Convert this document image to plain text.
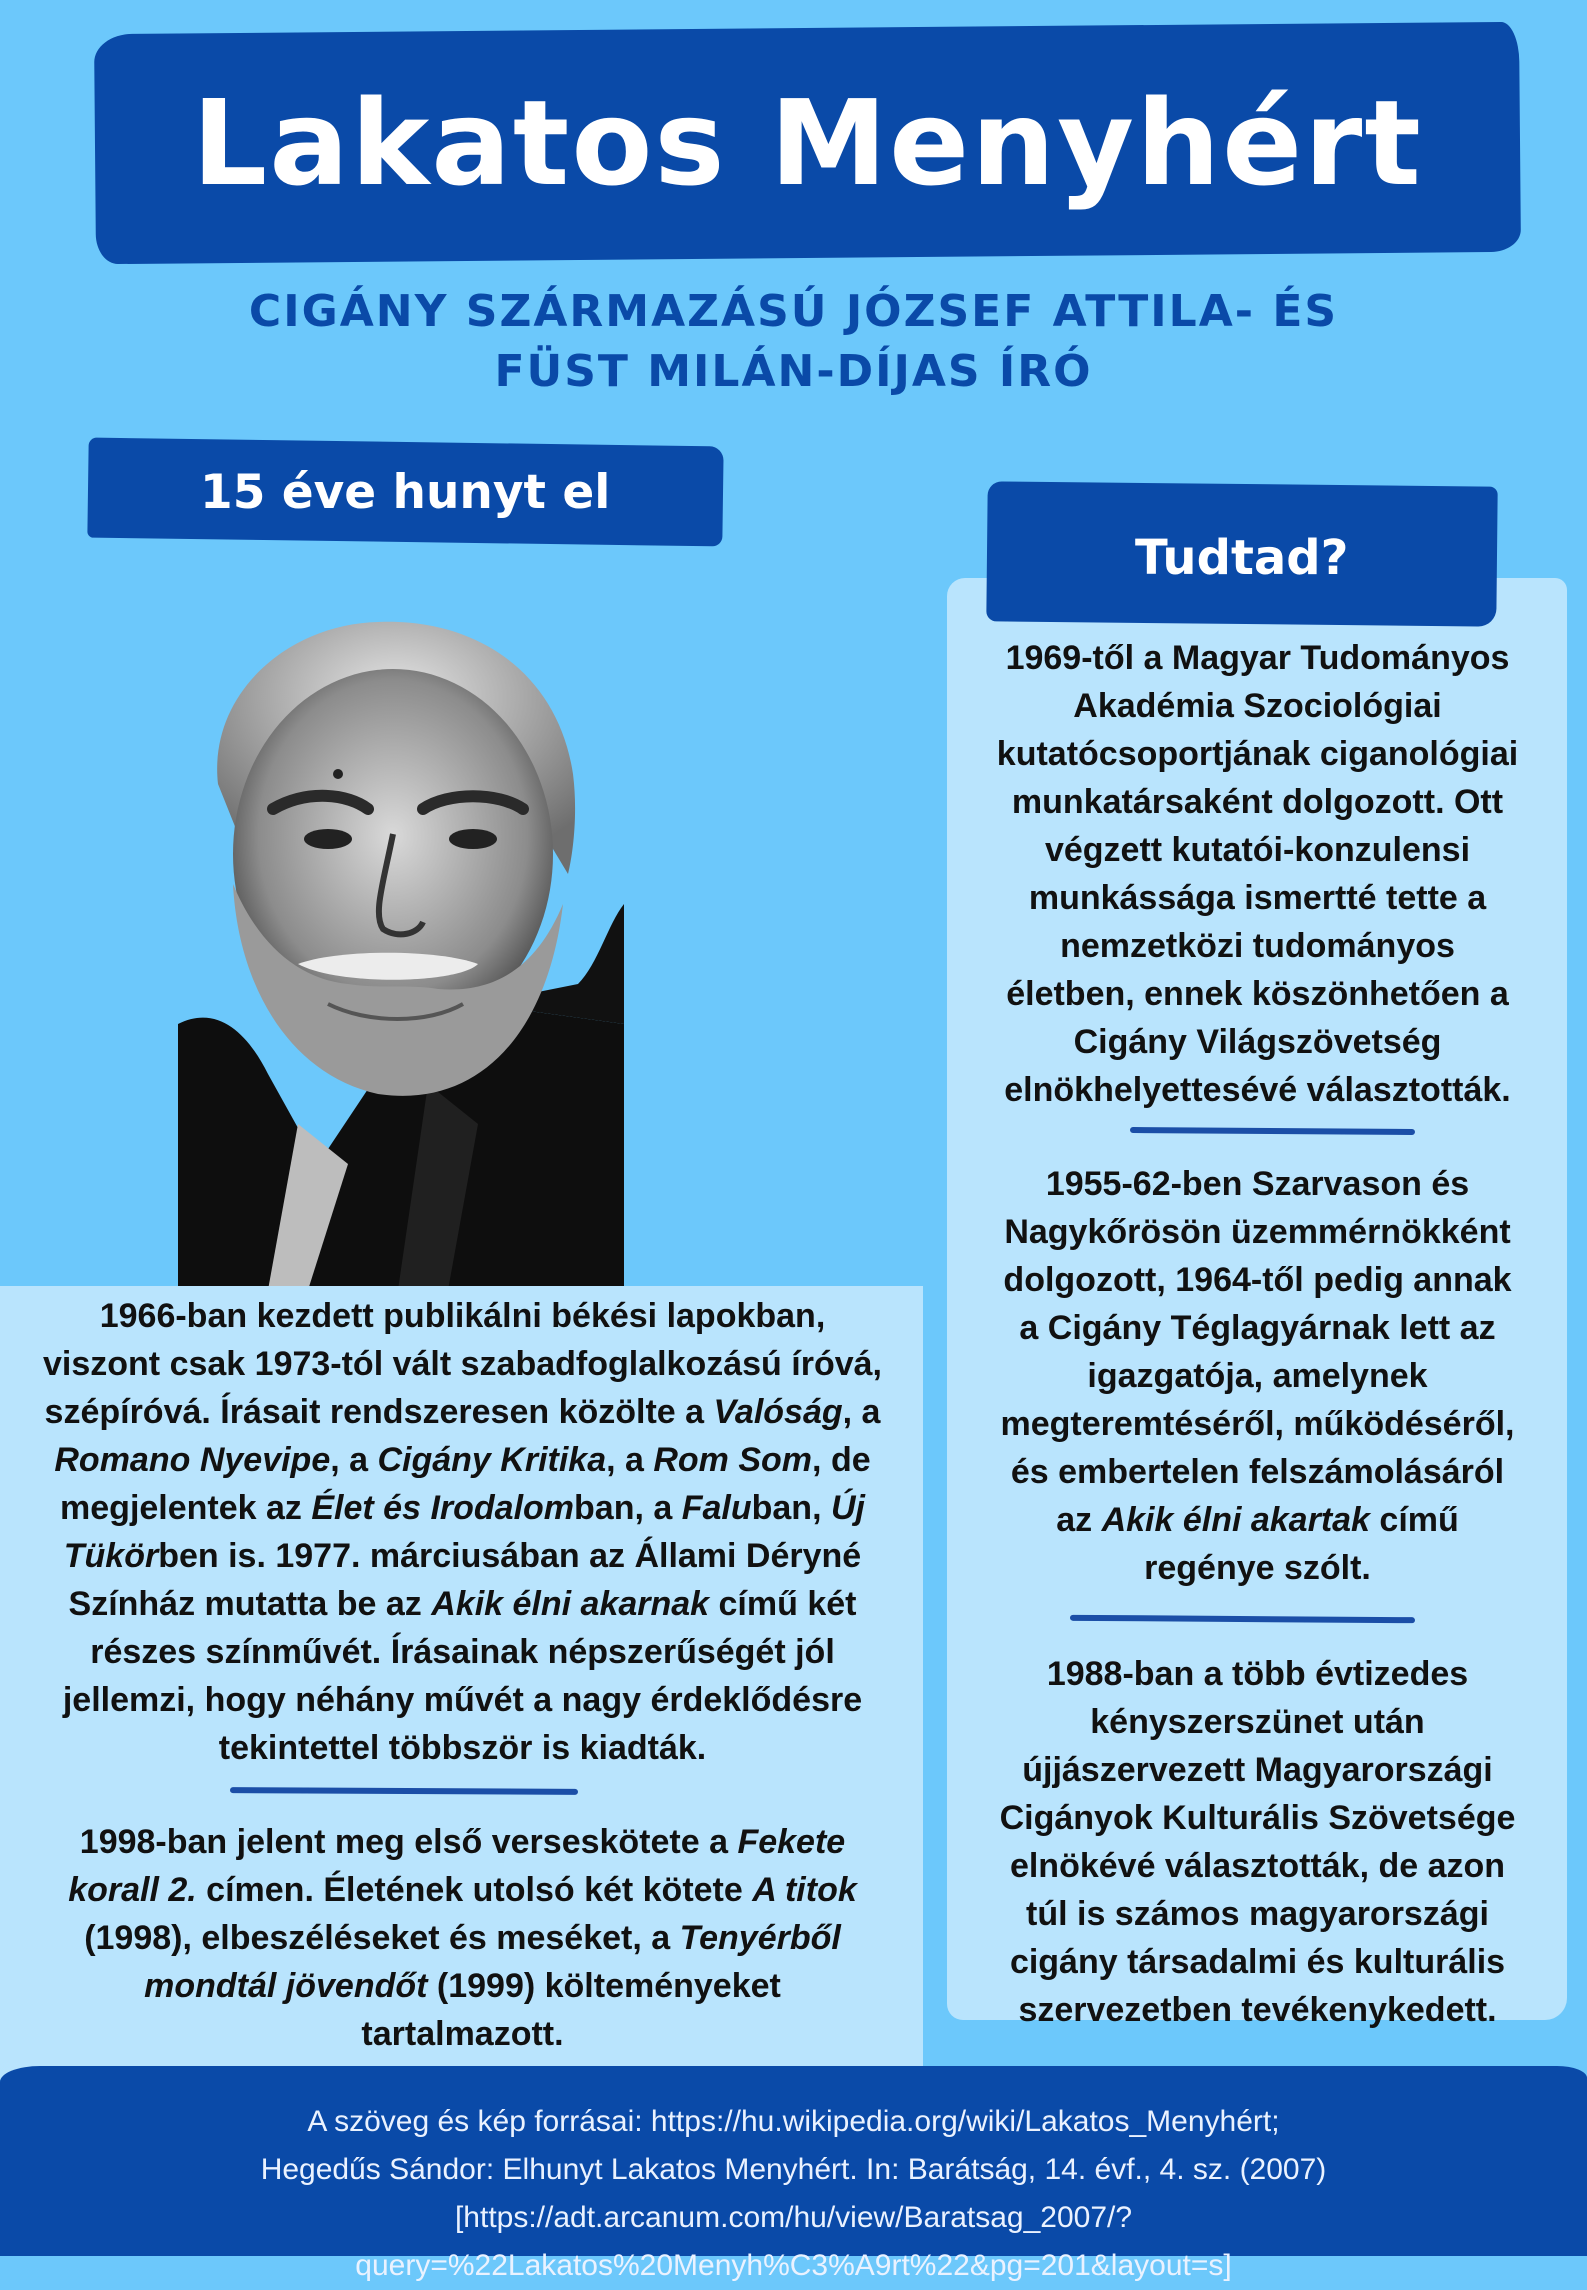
Lakatos Menyhért
CIGÁNY SZÁRMAZÁSÚ JÓZSEF ATTILA- ÉS
FÜST MILÁN-DÍJAS ÍRÓ
15 éve hunyt el
Tudtad?

1969-től a Magyar Tudományos
Akadémia Szociológiai
kutatócsoportjának ciganológiai
munkatársaként dolgozott. Ott
végzett kutatói-konzulensi
munkássága ismertté tette a
nemzetközi tudományos
életben, ennek köszönhetően a
Cigány Világszövetség
elnökhelyettesévé választották.

1955-62-ben Szarvason és
Nagykőrösön üzemmérnökként
dolgozott, 1964-től pedig annak
a Cigány Téglagyárnak lett az
igazgatója, amelynek
megteremtéséről, működéséről,
és embertelen felszámolásáról
az Akik élni akartak című
regénye szólt.

1988-ban a több évtizedes
kényszerszünet után
újjászervezett Magyarországi
Cigányok Kulturális Szövetsége
elnökévé választották, de azon
túl is számos magyarországi
cigány társadalmi és kulturális
szervezetben tevékenykedett.

1966-ban kezdett publikálni békési lapokban,
viszont csak 1973-tól vált szabadfoglalkozású íróvá,
szépíróvá. Írásait rendszeresen közölte a Valóság, a
Romano Nyevipe, a Cigány Kritika, a Rom Som, de
megjelentek az Élet és Irodalomban, a Faluban, Új
Tükörben is. 1977. márciusában az Állami Déryné
Színház mutatta be az Akik élni akarnak című két
részes színművét. Írásainak népszerűségét jól
jellemzi, hogy néhány művét a nagy érdeklődésre
tekintettel többször is kiadták.

1998-ban jelent meg első verseskötete a Fekete
korall 2. címen. Életének utolsó két kötete A titok
(1998), elbeszéléseket és meséket, a Tenyérből
mondtál jövendőt (1999) költeményeket
tartalmazott.

A szöveg és kép forrásai: https://hu.wikipedia.org/wiki/Lakatos_Menyhért;
Hegedűs Sándor: Elhunyt Lakatos Menyhért. In: Barátság, 14. évf., 4. sz. (2007)
[https://adt.arcanum.com/hu/view/Baratsag_2007/?
query=%22Lakatos%20Menyh%C3%A9rt%22&pg=201&layout=s]
